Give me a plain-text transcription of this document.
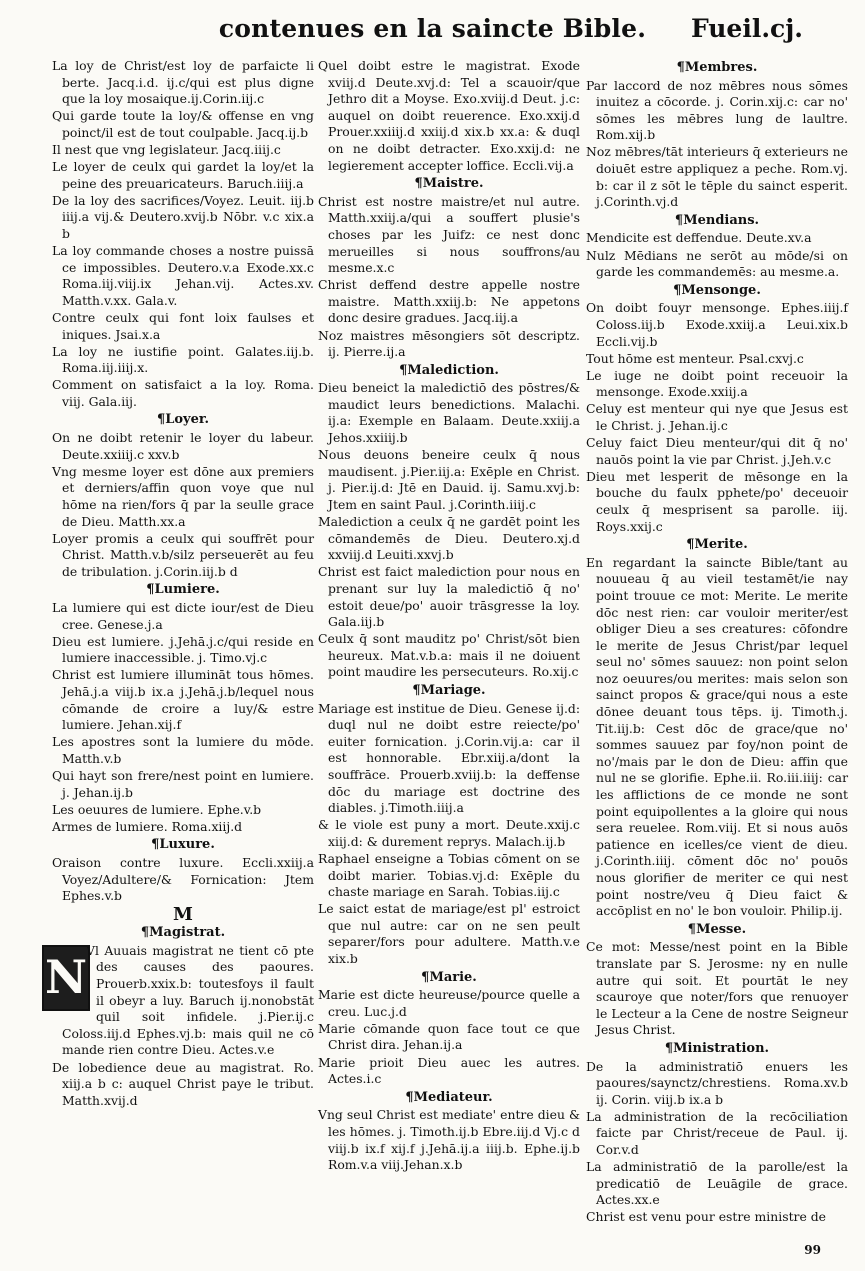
contenues en la saincte Bible.	Fueil.cj.

La loy de Christ/est loy de parfaicte li berte. Jacq.i.d. ij.c/qui est plus digne que la loy mosaique.ij.Corin.iij.c

Qui garde toute la loy/& offense en vng poinct/il est de tout coulpable. Jacq.ij.b

Il nest que vng legislateur. Jacq.iiij.c

Le loyer de ceulx qui gardet la loy/et la peine des preuaricateurs. Baruch.iiij.a

De la loy des sacrifices/Voyez. Leuit. iij.b iiij.a vij.& Deutero.xvij.b Nōbr. v.c xix.a b

La loy commande choses a nostre puissā ce impossibles. Deutero.v.a Exode.xx.c Roma.iij.viij.ix Jehan.vij. Actes.xv. Matth.v.xx. Gala.v.

Contre ceulx qui font loix faulses et iniques. Jsai.x.a

La loy ne iustifie point. Galates.iij.b. Roma.iij.iiij.x.

Comment on satisfaict a la loy. Roma. viij. Gala.iij.

¶Loyer.

On ne doibt retenir le loyer du labeur. Deute.xxiiij.c xxv.b

Vng mesme loyer est dōne aux premiers et derniers/affin quon voye que nul hōme na rien/fors q̄ par la seulle grace de Dieu. Matth.xx.a

Loyer promis a ceulx qui souffrēt pour Christ. Matth.v.b/silz perseuerēt au feu de tribulation. j.Corin.iij.b d

¶Lumiere.

La lumiere qui est dicte iour/est de Dieu cree. Genese.j.a

Dieu est lumiere. j.Jehā.j.c/qui reside en lumiere inaccessible. j. Timo.vj.c

Christ est lumiere illumināt tous hōmes. Jehā.j.a viij.b ix.a j.Jehā.j.b/lequel nous cōmande de croire a luy/& estre lumiere. Jehan.xij.f

Les apostres sont la lumiere du mōde. Matth.v.b

Qui hayt son frere/nest point en lumiere. j. Jehan.ij.b

Les oeuures de lumiere. Ephe.v.b

Armes de lumiere. Roma.xiij.d

¶Luxure.

Oraison contre luxure. Eccli.xxiij.a Voyez/Adultere/& Fornication: Jtem Ephes.v.b

M
¶Magistrat.
N

Vl Auuais magistrat ne tient cō pte des causes des paoures. Prouerb.xxix.b: toutesfoys il fault il obeyr a luy. Baruch ij.nonobstāt quil soit infidele. j.Pier.ij.c Coloss.iij.d Ephes.vj.b: mais quil ne cō mande rien contre Dieu. Actes.v.e

De lobedience deue au magistrat. Ro. xiij.a b c: auquel Christ paye le tribut. Matth.xvij.d

Quel doibt estre le magistrat. Exode xviij.d Deute.xvj.d: Tel a scauoir/que Jethro dit a Moyse. Exo.xviij.d Deut. j.c: auquel on doibt reuerence. Exo.xxij.d Prouer.xxiiij.d xxiij.d xix.b xx.a: & duql on ne doibt detracter. Exo.xxij.d: ne legierement accepter loffice. Eccli.vij.a

¶Maistre.

Christ est nostre maistre/et nul autre. Matth.xxiij.a/qui a souffert plusie's choses par les Juifz: ce nest donc merueilles si nous souffrons/au mesme.x.c

Christ deffend destre appelle nostre maistre. Matth.xxiij.b: Ne appetons donc desire gradues. Jacq.iij.a

Noz maistres mēsongiers sōt descriptz. ij. Pierre.ij.a

¶Malediction.

Dieu beneict la maledictiō des pōstres/& maudict leurs benedictions. Malachi. ij.a: Exemple en Balaam. Deute.xxiij.a Jehos.xxiiij.b

Nous deuons beneire ceulx q̄ nous maudisent. j.Pier.iij.a: Exēple en Christ. j. Pier.ij.d: Jtē en Dauid. ij. Samu.xvj.b: Jtem en saint Paul. j.Corinth.iiij.c

Malediction a ceulx q̄ ne gardēt point les cōmandemēs de Dieu. Deutero.xj.d xxviij.d Leuiti.xxvj.b

Christ est faict malediction pour nous en prenant sur luy la maledictiō q̄ no' estoit deue/po' auoir trāsgresse la loy. Gala.iij.b

Ceulx q̄ sont mauditz po' Christ/sōt bien heureux. Mat.v.b.a: mais il ne doiuent point maudire les persecuteurs. Ro.xij.c

¶Mariage.

Mariage est institue de Dieu. Genese ij.d: duql nul ne doibt estre reiecte/po' euiter fornication. j.Corin.vij.a: car il est honnorable. Ebr.xiij.a/dont la souffrāce. Prouerb.xviij.b: la deffense dōc du mariage est doctrine des diables. j.Timoth.iiij.a

& le viole est puny a mort. Deute.xxij.c xiij.d: & durement reprys. Malach.ij.b

Raphael enseigne a Tobias cōment on se doibt marier. Tobias.vj.d: Exēple du chaste mariage en Sarah. Tobias.iij.c

Le saict estat de mariage/est pl' estroict que nul autre: car on ne sen peult separer/fors pour adultere. Matth.v.e xix.b

¶Marie.

Marie est dicte heureuse/pource quelle a creu. Luc.j.d

Marie cōmande quon face tout ce que Christ dira. Jehan.ij.a

Marie prioit Dieu auec les autres. Actes.i.c

¶Mediateur.

Vng seul Christ est mediate' entre dieu & les hōmes. j. Timoth.ij.b Ebre.iij.d Vj.c d viij.b ix.f xij.f j.Jehā.ij.a iiij.b. Ephe.ij.b Rom.v.a viij.Jehan.x.b

¶Membres.

Par laccord de noz mēbres nous sōmes inuitez a cōcorde. j. Corin.xij.c: car no' sōmes les mēbres lung de laultre. Rom.xij.b

Noz mēbres/tāt interieurs q̄ exterieurs ne doiuēt estre appliquez a peche. Rom.vj. b: car il z sōt le tēple du sainct esperit. j.Corinth.vj.d

¶Mendians.

Mendicite est deffendue. Deute.xv.a

Nulz Mēdians ne serōt au mōde/si on garde les commandemēs: au mesme.a.

¶Mensonge.

On doibt fouyr mensonge. Ephes.iiij.f Coloss.iij.b Exode.xxiij.a Leui.xix.b Eccli.vij.b

Tout hōme est menteur. Psal.cxvj.c

Le iuge ne doibt point receuoir la mensonge. Exode.xxiij.a

Celuy est menteur qui nye que Jesus est le Christ. j. Jehan.ij.c

Celuy faict Dieu menteur/qui dit q̄ no' nauōs point la vie par Christ. j.Jeh.v.c

Dieu met lesperit de mēsonge en la bouche du faulx pphete/po' deceuoir ceulx q̄ mesprisent sa parolle. iij. Roys.xxij.c

¶Merite.

En regardant la saincte Bible/tant au nouueau q̄ au vieil testamēt/ie nay point trouue ce mot: Merite. Le merite dōc nest rien: car vouloir meriter/est obliger Dieu a ses creatures: cōfondre le merite de Jesus Christ/par lequel seul no' sōmes sauuez: non point selon noz oeuures/ou merites: mais selon son sainct propos & grace/qui nous a este dōnee deuant tous tēps. ij. Timoth.j. Tit.iij.b: Cest dōc de grace/que no' sommes sauuez par foy/non point de no'/mais par le don de Dieu: affin que nul ne se glorifie. Ephe.ii. Ro.iii.iiij: car les afflictions de ce monde ne sont point equipollentes a la gloire qui nous sera reuelee. Rom.viij. Et si nous auōs patience en icelles/ce vient de dieu. j.Corinth.iiij. cōment dōc no' pouōs nous glorifier de meriter ce qui nest point nostre/veu q̄ Dieu faict & accōplist en no' le bon vouloir. Philip.ij.

¶Messe.

Ce mot: Messe/nest point en la Bible translate par S. Jerosme: ny en nulle autre qui soit. Et pourtāt le ney scauroye que noter/fors que renuoyer le Lecteur a la Cene de nostre Seigneur Jesus Christ.

¶Ministration.

De la administratiō enuers les paoures/saynctz/chrestiens. Roma.xv.b ij. Corin. viij.b ix.a b

La administration de la recōciliation faicte par Christ/receue de Paul. ij. Cor.v.d

La administratiō de la parolle/est la predicatiō de Leuāgile de grace. Actes.xx.e

Christ est venu pour estre ministre de

99
